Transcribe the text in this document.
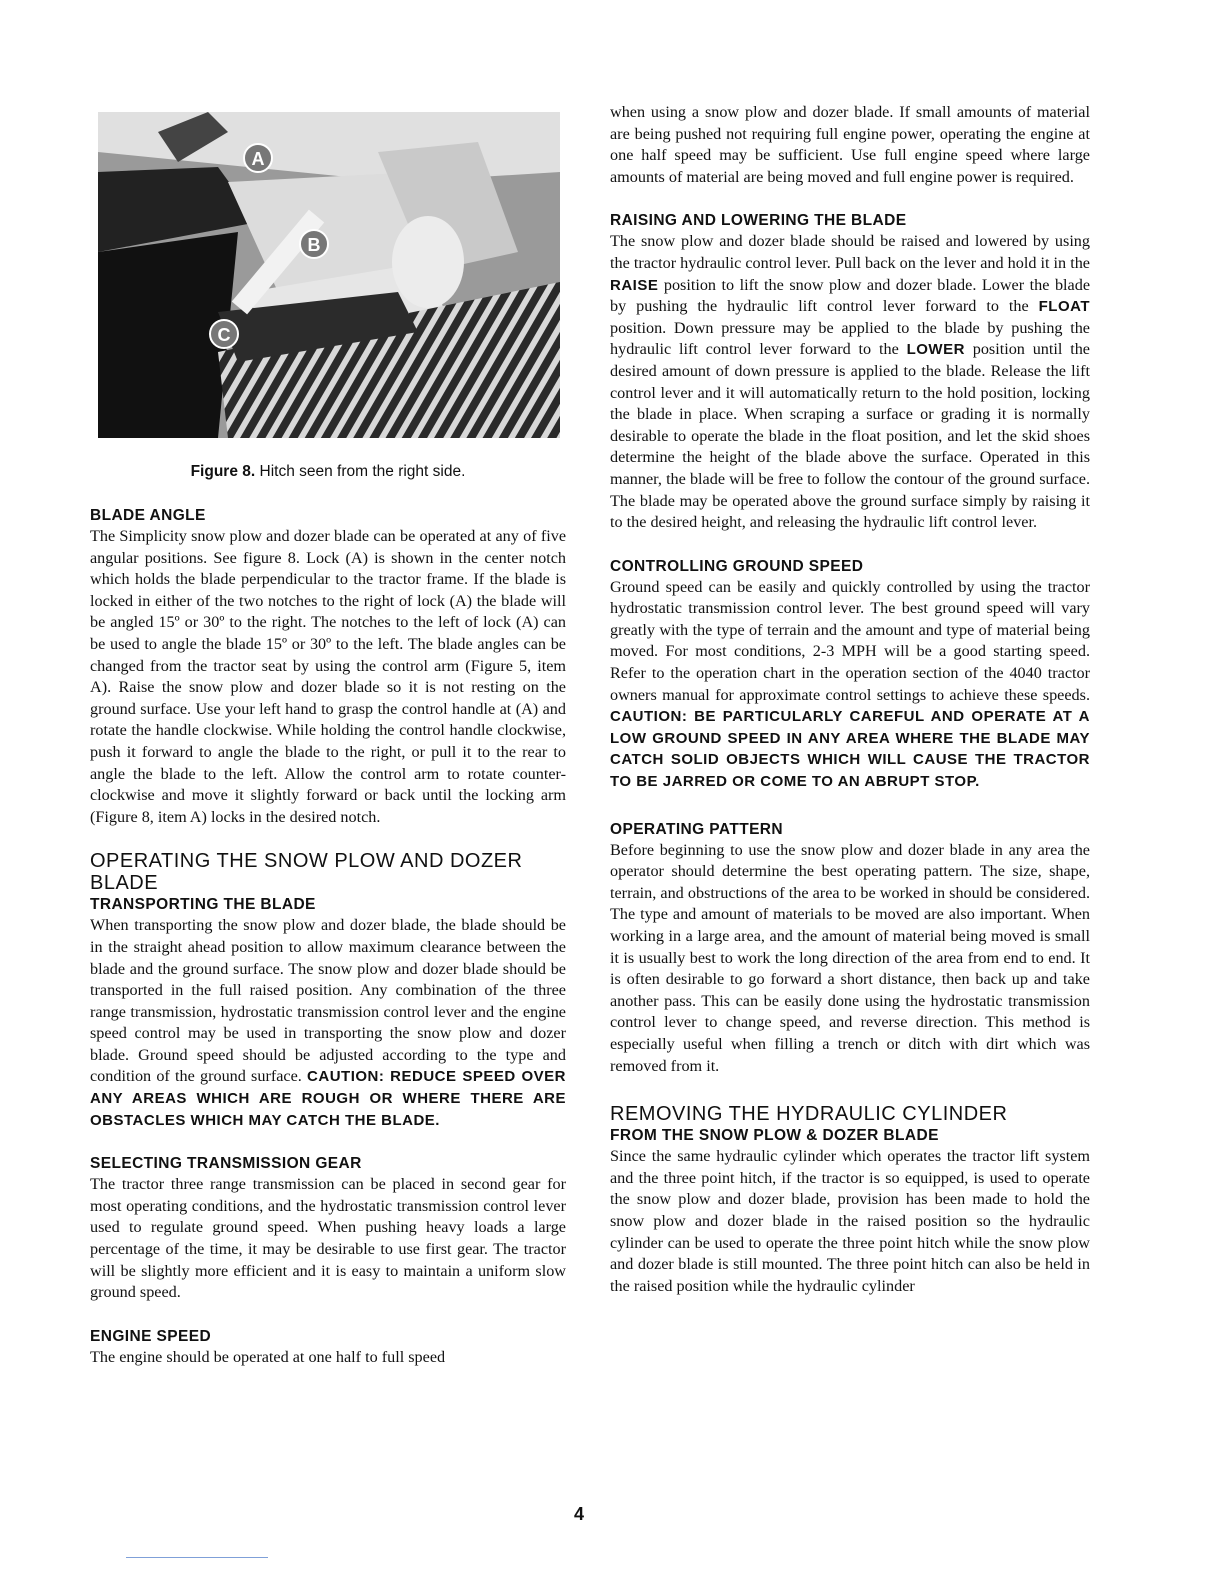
A
B
C
Figure 8. Hitch seen from the right side.
BLADE ANGLE

The Simplicity snow plow and dozer blade can be operated at any of five angular positions. See figure 8. Lock (A) is shown in the center notch which holds the blade perpendicular to the tractor frame. If the blade is locked in either of the two notches to the right of lock (A) the blade will be angled 15º or 30º to the right. The notches to the left of lock (A) can be used to angle the blade 15º or 30º to the left. The blade angles can be changed from the tractor seat by using the control arm (Figure 5, item A). Raise the snow plow and dozer blade so it is not resting on the ground surface. Use your left hand to grasp the control handle at (A) and rotate the handle clockwise. While holding the control handle clockwise, push it forward to angle the blade to the right, or pull it to the rear to angle the blade to the left. Allow the control arm to rotate counter-clockwise and move it slightly forward or back until the locking arm (Figure 8, item A) locks in the desired notch.

OPERATING THE SNOW PLOW AND DOZER BLADE
TRANSPORTING THE BLADE

When transporting the snow plow and dozer blade, the blade should be in the straight ahead position to allow maximum clearance between the blade and the ground surface. The snow plow and dozer blade should be transported in the full raised position. Any combination of the three range transmission, hydrostatic transmission control lever and the engine speed control may be used in transporting the snow plow and dozer blade. Ground speed should be adjusted according to the type and condition of the ground surface. CAUTION: REDUCE SPEED OVER ANY AREAS WHICH ARE ROUGH OR WHERE THERE ARE OBSTACLES WHICH MAY CATCH THE BLADE.

SELECTING TRANSMISSION GEAR

The tractor three range transmission can be placed in second gear for most operating conditions, and the hydrostatic transmission control lever used to regulate ground speed. When pushing heavy loads a large percentage of the time, it may be desirable to use first gear. The tractor will be slightly more efficient and it is easy to maintain a uniform slow ground speed.

ENGINE SPEED

The engine should be operated at one half to full speed

when using a snow plow and dozer blade. If small amounts of material are being pushed not requiring full engine power, operating the engine at one half speed may be sufficient. Use full engine speed where large amounts of material are being moved and full engine power is required.

RAISING AND LOWERING THE BLADE

The snow plow and dozer blade should be raised and lowered by using the tractor hydraulic control lever. Pull back on the lever and hold it in the RAISE position to lift the snow plow and dozer blade. Lower the blade by pushing the hydraulic lift control lever forward to the FLOAT position. Down pressure may be applied to the blade by pushing the hydraulic lift control lever forward to the LOWER position until the desired amount of down pressure is applied to the blade. Release the lift control lever and it will automatically return to the hold position, locking the blade in place. When scraping a surface or grading it is normally desirable to operate the blade in the float position, and let the skid shoes determine the height of the blade above the surface. Operated in this manner, the blade will be free to follow the contour of the ground surface. The blade may be operated above the ground surface simply by raising it to the desired height, and releasing the hydraulic lift control lever.

CONTROLLING GROUND SPEED

Ground speed can be easily and quickly controlled by using the tractor hydrostatic transmission control lever. The best ground speed will vary greatly with the type of terrain and the amount and type of material being moved. For most conditions, 2-3 MPH will be a good starting speed. Refer to the operation chart in the operation section of the 4040 tractor owners manual for approximate control settings to achieve these speeds. CAUTION: BE PARTICULARLY CAREFUL AND OPERATE AT A LOW GROUND SPEED IN ANY AREA WHERE THE BLADE MAY CATCH SOLID OBJECTS WHICH WILL CAUSE THE TRACTOR TO BE JARRED OR COME TO AN ABRUPT STOP.

OPERATING PATTERN

Before beginning to use the snow plow and dozer blade in any area the operator should determine the best operating pattern. The size, shape, terrain, and obstructions of the area to be worked in should be considered. The type and amount of materials to be moved are also important. When working in a large area, and the amount of material being moved is small it is usually best to work the long direction of the area from end to end. It is often desirable to go forward a short distance, then back up and take another pass. This can be easily done using the hydrostatic transmission control lever to change speed, and reverse direction. This method is especially useful when filling a trench or ditch with dirt which was removed from it.

REMOVING THE HYDRAULIC CYLINDER
FROM THE SNOW PLOW & DOZER BLADE

Since the same hydraulic cylinder which operates the tractor lift system and the three point hitch, if the tractor is so equipped, is used to operate the snow plow and dozer blade, provision has been made to hold the snow plow and dozer blade in the raised position so the hydraulic cylinder can be used to operate the three point hitch while the snow plow and dozer blade is still mounted. The three point hitch can also be held in the raised position while the hydraulic cylinder

4
